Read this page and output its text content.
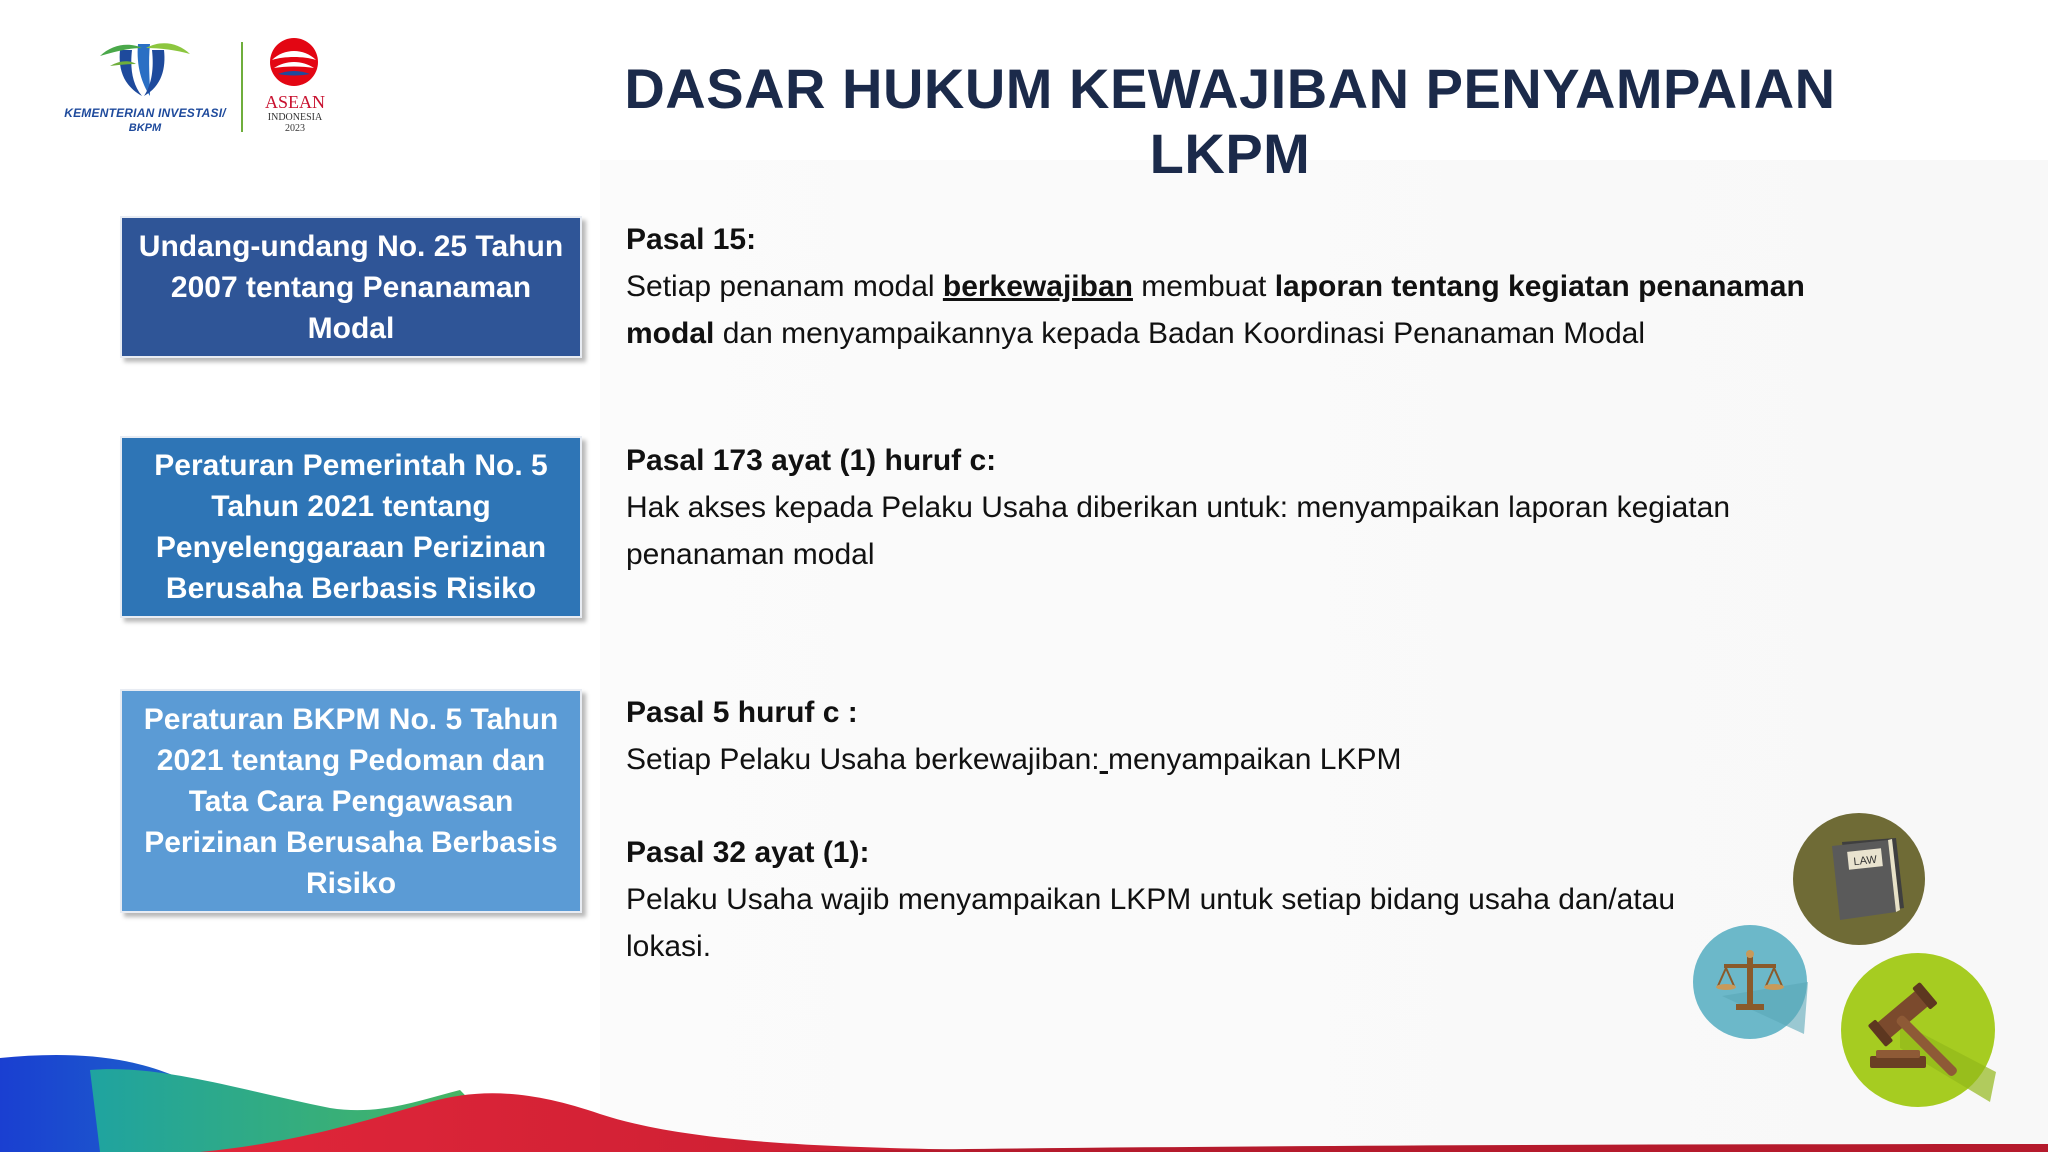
KEMENTERIAN INVESTASI/
BKPM
ASEAN
INDONESIA
2023
DASAR HUKUM KEWAJIBAN PENYAMPAIAN LKPM
Undang-undang No. 25 Tahun 2007 tentang Penanaman Modal
Peraturan Pemerintah No. 5 Tahun 2021 tentang Penyelenggaraan Perizinan Berusaha Berbasis Risiko
Peraturan BKPM No. 5 Tahun 2021 tentang Pedoman dan Tata Cara Pengawasan Perizinan Berusaha Berbasis Risiko
Pasal 15:
Setiap penanam modal berkewajiban membuat laporan tentang kegiatan penanaman modal dan menyampaikannya kepada Badan Koordinasi Penanaman Modal
Pasal 173 ayat (1) huruf c:
Hak akses kepada Pelaku Usaha diberikan untuk: menyampaikan laporan kegiatan penanaman modal
Pasal 5 huruf c :
Setiap Pelaku Usaha berkewajiban: menyampaikan LKPM
Pasal 32 ayat (1):
Pelaku Usaha wajib menyampaikan LKPM untuk setiap bidang usaha dan/atau lokasi.
LAW
